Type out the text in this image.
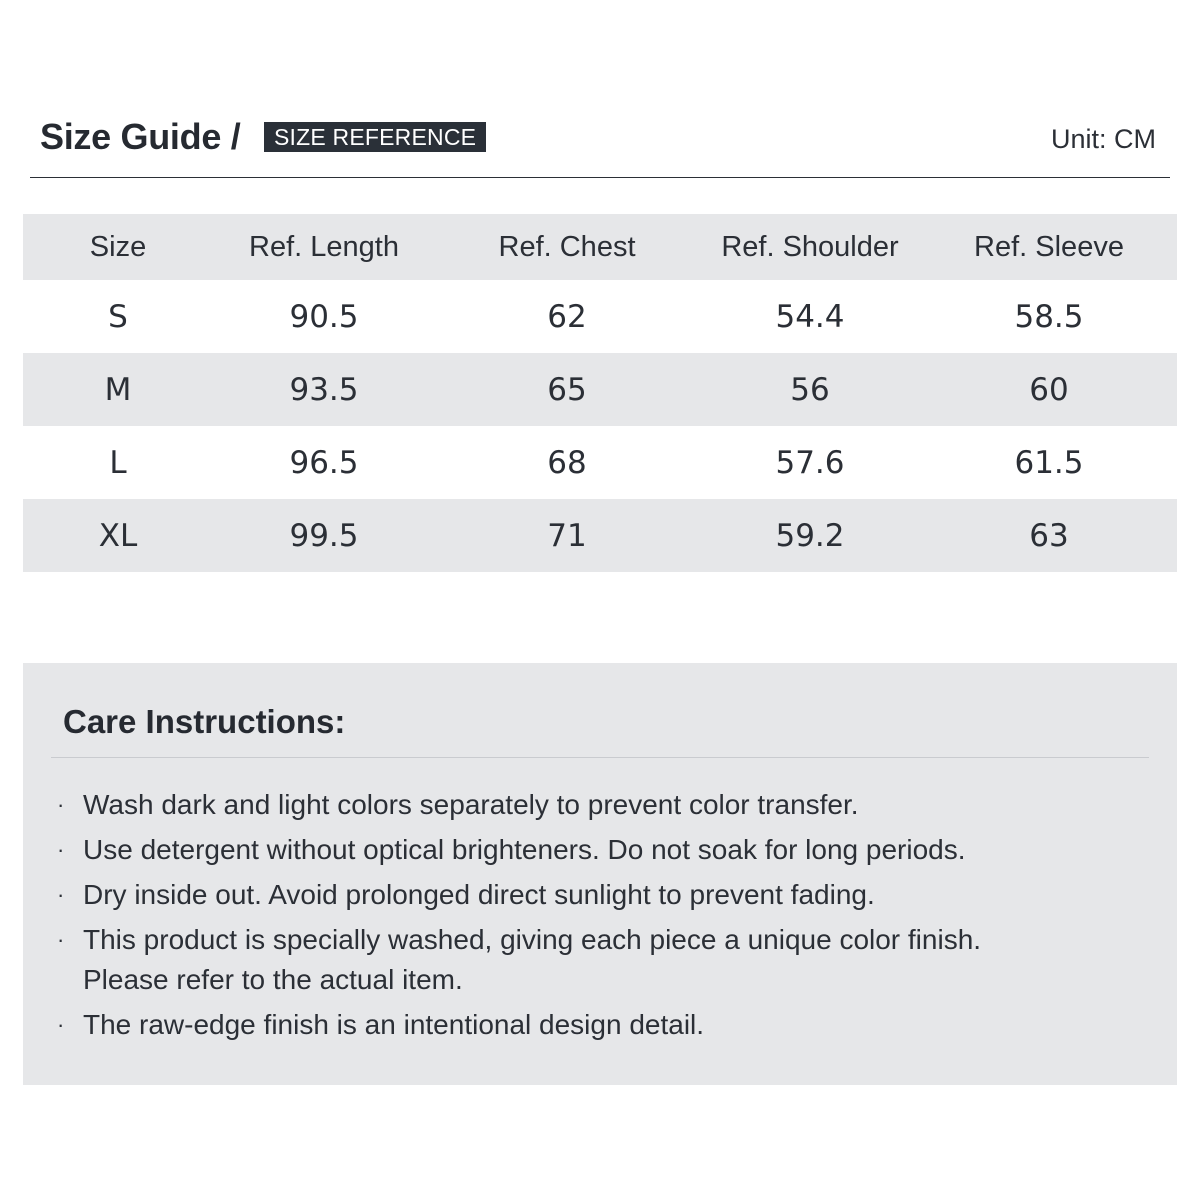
Size Guide /	SIZE REFERENCE	Unit: CM
Size	Ref. Length	Ref. Chest	Ref. Shoulder	Ref. Sleeve
S	90.5	62	54.4	58.5
M	93.5	65	56	60
L	96.5	68	57.6	61.5
XL	99.5	71	59.2	63
Care Instructions:
· Wash dark and light colors separately to prevent color transfer.
· Use detergent without optical brighteners. Do not soak for long periods.
· Dry inside out. Avoid prolonged direct sunlight to prevent fading.
· This product is specially washed, giving each piece a unique color finish.
Please refer to the actual item.
· The raw-edge finish is an intentional design detail.
